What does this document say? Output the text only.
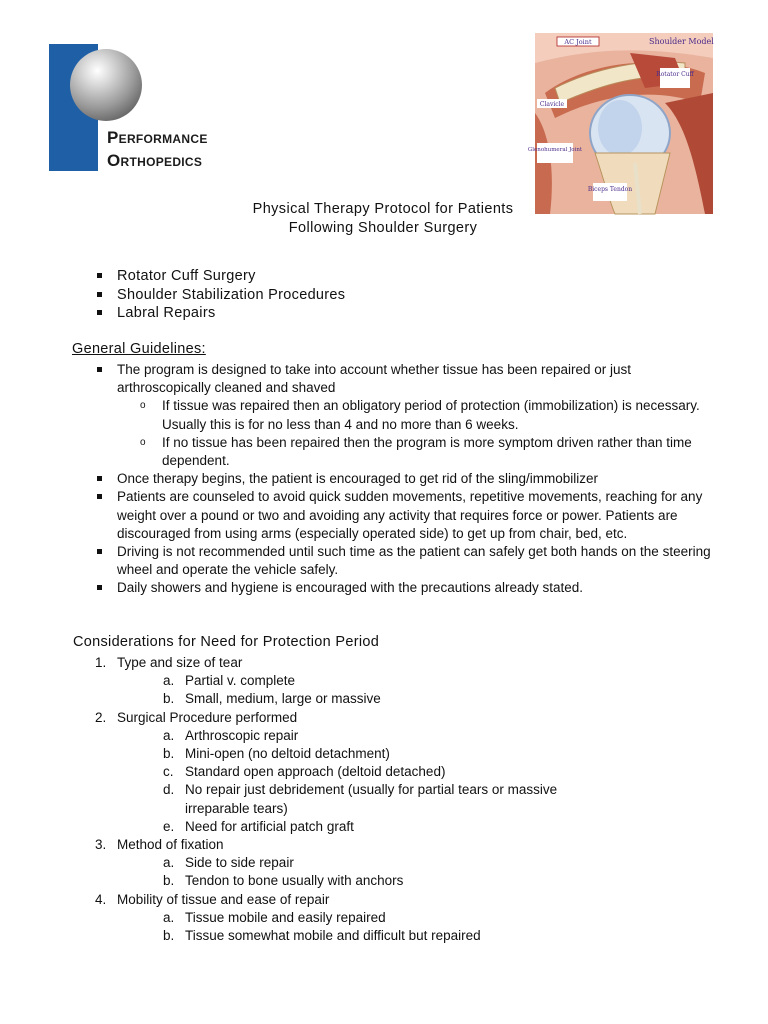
Performance
Orthopedics
AC Joint	Shoulder Model
Rotator Cuff
Clavicle
Glenohumeral Joint
Biceps Tendon
Physical Therapy Protocol for Patients
Following Shoulder Surgery
Rotator Cuff Surgery
Shoulder Stabilization Procedures
Labral Repairs
General Guidelines:
The program is designed to take into account whether tissue has been repaired or just arthroscopically cleaned and shaved
o If tissue was repaired then an obligatory period of protection (immobilization) is necessary. Usually this is for no less than 4 and no more than 6 weeks.
o If no tissue has been repaired then the program is more symptom driven rather than time dependent.
Once therapy begins, the patient is encouraged to get rid of the sling/immobilizer
Patients are counseled to avoid quick sudden movements, repetitive movements, reaching for any weight over a pound or two and avoiding any activity that requires force or power. Patients are discouraged from using arms (especially operated side) to get up from chair, bed, etc.
Driving is not recommended until such time as the patient can safely get both hands on the steering wheel and operate the vehicle safely.
Daily showers and hygiene is encouraged with the precautions already stated.
Considerations for Need for Protection Period
1. Type and size of tear
a. Partial v. complete
b. Small, medium, large or massive
2. Surgical Procedure performed
a. Arthroscopic repair
b. Mini-open (no deltoid detachment)
c. Standard open approach (deltoid detached)
d. No repair just debridement (usually for partial tears or massive irreparable tears)
e. Need for artificial patch graft
3. Method of fixation
a. Side to side repair
b. Tendon to bone usually with anchors
4. Mobility of tissue and ease of repair
a. Tissue mobile and easily repaired
b. Tissue somewhat mobile and difficult but repaired
